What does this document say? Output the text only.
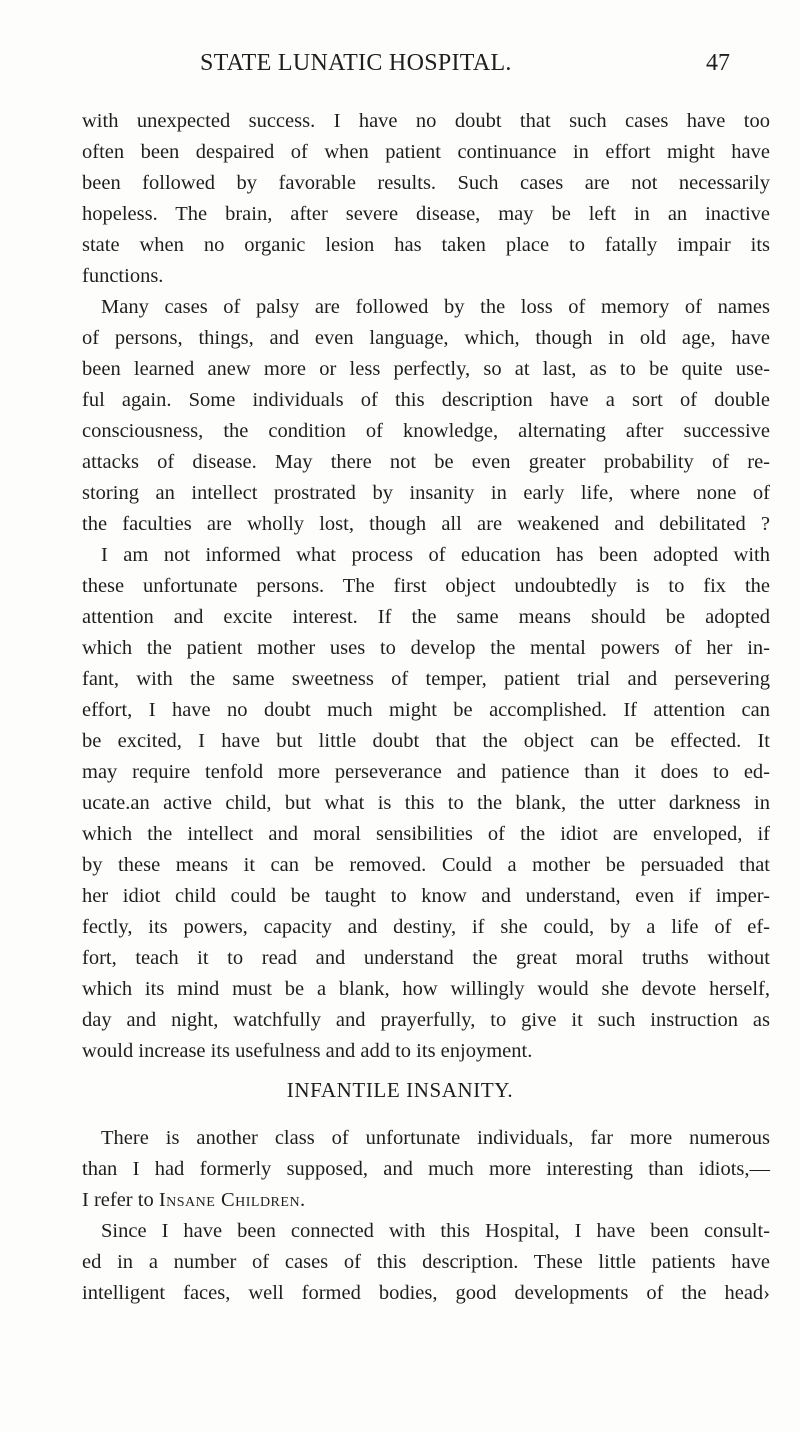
STATE LUNATIC HOSPITAL.	47
with unexpected success. I have no doubt that such cases have too
often been despaired of when patient continuance in effort might have
been followed by favorable results. Such cases are not necessarily
hopeless. The brain, after severe disease, may be left in an inactive
state when no organic lesion has taken place to fatally impair its
functions.
Many cases of palsy are followed by the loss of memory of names
of persons, things, and even language, which, though in old age, have
been learned anew more or less perfectly, so at last, as to be quite use-
ful again. Some individuals of this description have a sort of double
consciousness, the condition of knowledge, alternating after successive
attacks of disease. May there not be even greater probability of re-
storing an intellect prostrated by insanity in early life, where none of
the faculties are wholly lost, though all are weakened and debilitated ?
I am not informed what process of education has been adopted with
these unfortunate persons. The first object undoubtedly is to fix the
attention and excite interest. If the same means should be adopted
which the patient mother uses to develop the mental powers of her in-
fant, with the same sweetness of temper, patient trial and persevering
effort, I have no doubt much might be accomplished. If attention can
be excited, I have but little doubt that the object can be effected. It
may require tenfold more perseverance and patience than it does to ed-
ucate.an active child, but what is this to the blank, the utter darkness in
which the intellect and moral sensibilities of the idiot are enveloped, if
by these means it can be removed. Could a mother be persuaded that
her idiot child could be taught to know and understand, even if imper-
fectly, its powers, capacity and destiny, if she could, by a life of ef-
fort, teach it to read and understand the great moral truths without
which its mind must be a blank, how willingly would she devote herself,
day and night, watchfully and prayerfully, to give it such instruction as
would increase its usefulness and add to its enjoyment.
There is another class of unfortunate individuals, far more numerous
than I had formerly supposed, and much more interesting than idiots,—
I refer to Insane Children.
Since I have been connected with this Hospital, I have been consult-
ed in a number of cases of this description. These little patients have
intelligent faces, well formed bodies, good developments of the head›
INFANTILE INSANITY.
